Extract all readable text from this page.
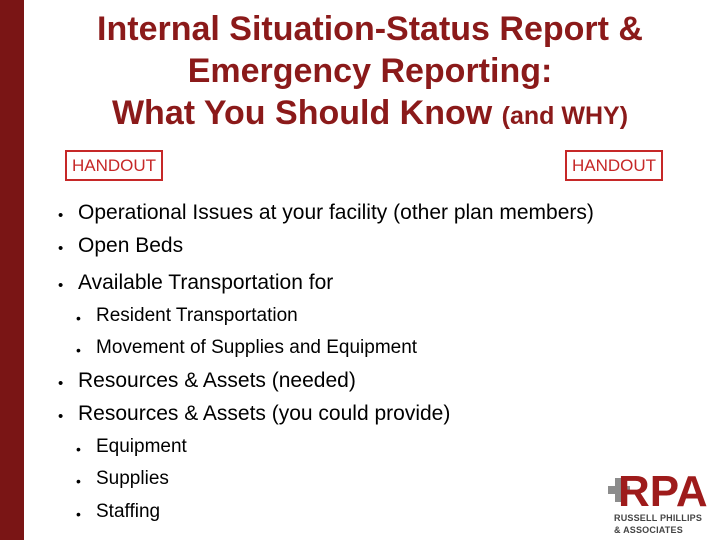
Internal Situation-Status Report &
Emergency Reporting:
What You Should Know (and WHY)
HANDOUT	HANDOUT
• Operational Issues at your facility (other plan members)
• Open Beds
• Available Transportation for
• Resident Transportation
• Movement of Supplies and Equipment
• Resources & Assets (needed)
• Resources & Assets (you could provide)
• Equipment
• Supplies
• Staffing	RPA
RUSSELL PHILLIPS
& ASSOCIATES
